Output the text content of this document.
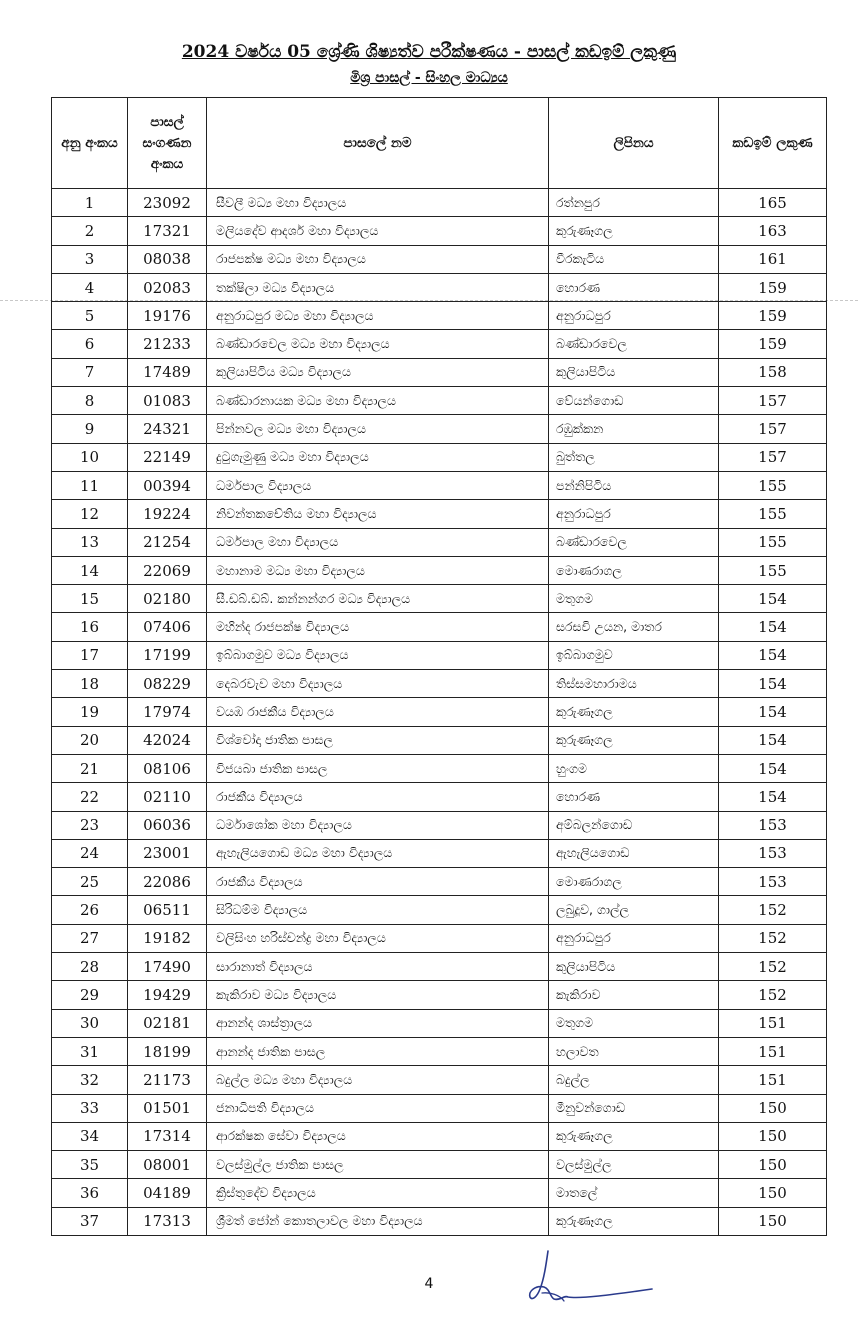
2024 වර්ෂය 05 ශ්‍රේණි ශිෂ්‍යත්ව පරීක්ෂණය - පාසල් කඩඉම් ලකුණු
මිශ්‍ර පාසල් - සිංහල මාධ්‍යය
අනු අංකය	පාසල් සංගණන අංකය	පාසලේ නම	ලිපිනය	කඩඉම් ලකුණ
1	23092	සීවලී මධ්‍ය මහා විද්‍යාලය	රත්නපුර	165
2	17321	මලියදේව ආදර්ශ මහා විද්‍යාලය	කුරුණෑගල	163
3	08038	රාජපක්ෂ මධ්‍ය මහා විද්‍යාලය	වීරකැටිය	161
4	02083	තක්ෂිලා මධ්‍ය විද්‍යාලය	හොරණ	159
5	19176	අනුරාධපුර මධ්‍ය මහා විද්‍යාලය	අනුරාධපුර	159
6	21233	බණ්ඩාරවෙල මධ්‍ය මහා විද්‍යාලය	බණ්ඩාරවෙල	159
7	17489	කුලියාපිටිය මධ්‍ය විද්‍යාලය	කුලියාපිටිය	158
8	01083	බණ්ඩාරනායක මධ්‍ය මහා විද්‍යාලය	වේයන්ගොඩ	157
9	24321	පින්නවල මධ්‍ය මහා විද්‍යාලය	රඹුක්කන	157
10	22149	දුටුගැමුණු මධ්‍ය මහා විද්‍යාලය	බුත්තල	157
11	00394	ධර්මපාල විද්‍යාලය	පන්නිපිටිය	155
12	19224	නිවන්තකචේතිය මහා විද්‍යාලය	අනුරාධපුර	155
13	21254	ධර්මපාල මහා විද්‍යාලය	බණ්ඩාරවෙල	155
14	22069	මහානාම මධ්‍ය මහා විද්‍යාලය	මොණරාගල	155
15	02180	සී.ඩබ්.ඩබ්. කන්නන්ගර මධ්‍ය විද්‍යාලය	මතුගම	154
16	07406	මහින්ද රාජපක්ෂ විද්‍යාලය	සරසවි උයන, මාතර	154
17	17199	ඉබ්බාගමුව මධ්‍ය විද්‍යාලය	ඉබ්බාගමුව	154
18	08229	දෙබරවැව මහා විද්‍යාලය	තිස්සමහාරාමය	154
19	17974	වයඹ රාජකීය විද්‍යාලය	කුරුණෑගල	154
20	42024	විශ්වෝදා ජාතික පාසල	කුරුණෑගල	154
21	08106	විජයබා ජාතික පාසල	හුංගම	154
22	02110	රාජකීය විද්‍යාලය	හොරණ	154
23	06036	ධර්මාශෝක මහා විද්‍යාලය	අම්බලන්ගොඩ	153
24	23001	ඇහැලියගොඩ මධ්‍ය මහා විද්‍යාලය	ඇහැලියගොඩ	153
25	22086	රාජකීය විද්‍යාලය	මොණරාගල	153
26	06511	සිරිධම්ම විද්‍යාලය	ලබුදූව, ගාල්ල	152
27	19182	වලිසිංහ හරිස්චන්ද්‍ර මහා විද්‍යාලය	අනුරාධපුර	152
28	17490	සාරානාත් විද්‍යාලය	කුලියාපිටිය	152
29	19429	කැකිරාව මධ්‍ය විද්‍යාලය	කැකිරාව	152
30	02181	ආනන්ද ශාස්ත්‍රාලය	මතුගම	151
31	18199	ආනන්ද ජාතික පාසල	හලාවත	151
32	21173	බදුල්ල මධ්‍ය මහා විද්‍යාලය	බදුල්ල	151
33	01501	ජනාධිපති විද්‍යාලය	මීනුවන්ගොඩ	150
34	17314	ආරක්ෂක සේවා විද්‍යාලය	කුරුණෑගල	150
35	08001	වලස්මුල්ල ජාතික පාසල	වලස්මුල්ල	150
36	04189	ක්‍රිස්තුදේව විද්‍යාලය	මාතලේ	150
37	17313	ශ්‍රීමත් ජෝන් කොතලාවල මහා විද්‍යාලය	කුරුණෑගල	150
4
